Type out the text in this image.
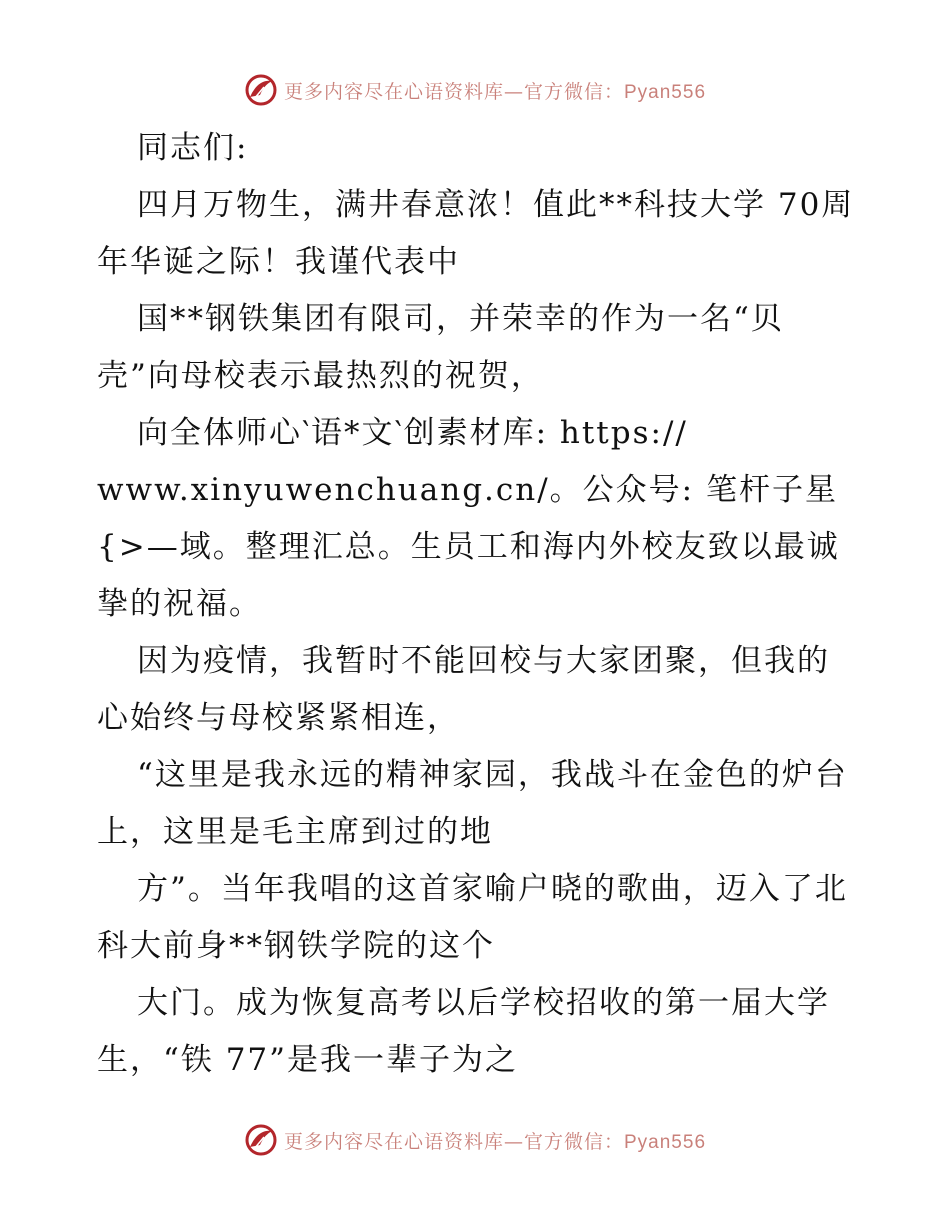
更多内容尽在心语资料库—官方微信：Pyan556

同志们:

四月万物生，满井春意浓！值此**科技大学 70周年华诞之际！我谨代表中

国**钢铁集团有限司，并荣幸的作为一名“贝壳”向母校表示最热烈的祝贺，

向全体师心‵语*文‵创素材库: https://

www.xinyuwenchuang.cn/。公众号: 笔杆子星{>—域。整理汇总。生员工和海内外校友致以最诚挚的祝福。

因为疫情，我暂时不能回校与大家团聚，但我的心始终与母校紧紧相连，

“这里是我永远的精神家园，我战斗在金色的炉台上，这里是毛主席到过的地

方”。当年我唱的这首家喻户晓的歌曲，迈入了北科大前身**钢铁学院的这个

大门。成为恢复高考以后学校招收的第一届大学生，“铁 77”是我一辈子为之

更多内容尽在心语资料库—官方微信：Pyan556
